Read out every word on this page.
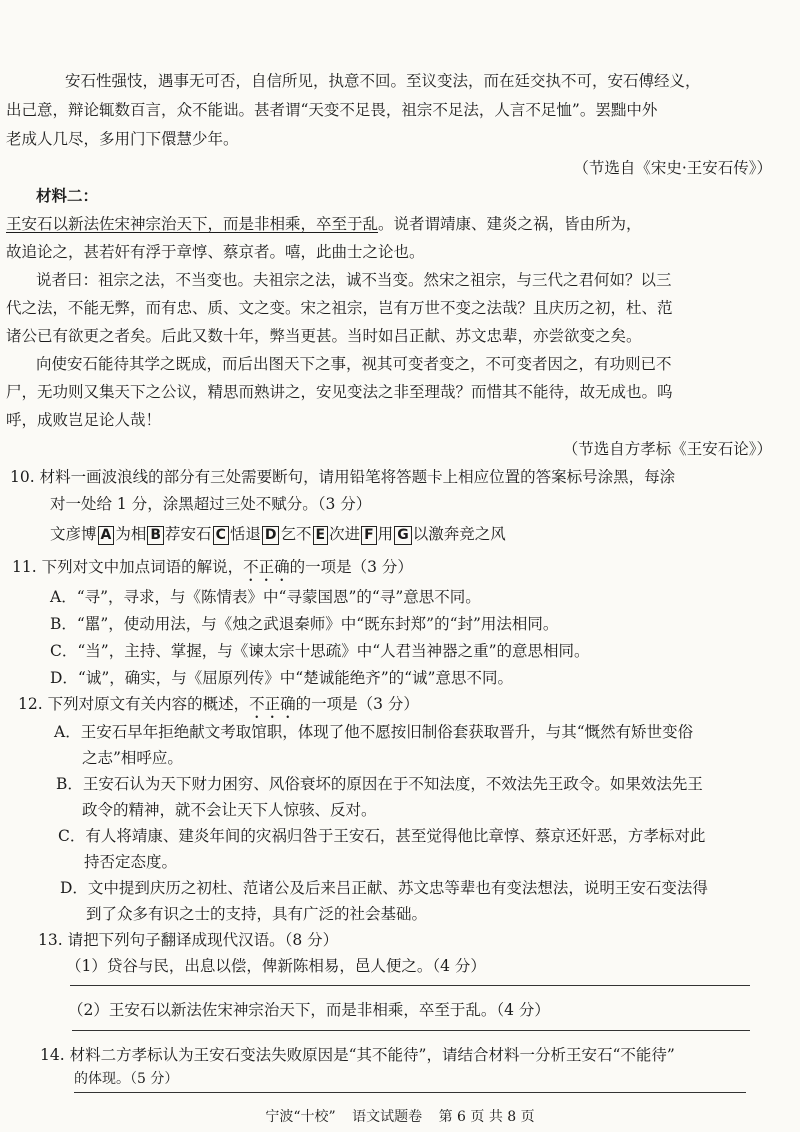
安石性强忮，遇事无可否，自信所见，执意不回。至议变法，而在廷交执不可，安石傅经义，
出己意，辩论辄数百言，众不能诎。甚者谓“天变不足畏，祖宗不足法，人言不足恤”。罢黜中外
老成人几尽，多用门下儇慧少年。
（节选自《宋史·王安石传》）
材料二：
王安石以新法佐宋神宗治天下，而是非相乘，卒至于乱。说者谓靖康、建炎之祸，皆由所为，
故追论之，甚若奸有浮于章惇、蔡京者。嘻，此曲士之论也。
说者曰：祖宗之法，不当变也。夫祖宗之法，诚不当变。然宋之祖宗，与三代之君何如？以三
代之法，不能无弊，而有忠、质、文之变。宋之祖宗，岂有万世不变之法哉？且庆历之初，杜、范
诸公已有欲更之者矣。后此又数十年，弊当更甚。当时如吕正献、苏文忠辈，亦尝欲变之矣。
向使安石能待其学之既成，而后出图天下之事，视其可变者变之，不可变者因之，有功则已不
尸，无功则又集天下之公议，精思而熟讲之，安见变法之非至理哉？而惜其不能待，故无成也。呜
呼，成败岂足论人哉！
（节选自方孝标《王安石论》）
10. 材料一画波浪线的部分有三处需要断句，请用铅笔将答题卡上相应位置的答案标号涂黑，每涂
对一处给 1 分，涂黑超过三处不赋分。（3 分）
文彦博 A 为相 B 荐安石 C 恬退 D 乞不 E 次进 F 用 G 以激奔竞之风
11. 下列对文中加点词语的解说，不正确的一项是（3 分）
A．“寻”，寻求，与《陈情表》中“寻蒙国恩”的“寻”意思不同。
B．“嚚”，使动用法，与《烛之武退秦师》中“既东封郑”的“封”用法相同。
C．“当”，主持、掌握，与《谏太宗十思疏》中“人君当神器之重”的意思相同。
D．“诚”，确实，与《屈原列传》中“楚诚能绝齐”的“诚”意思不同。
12. 下列对原文有关内容的概述，不正确的一项是（3 分）
A．王安石早年拒绝献文考取馆职，体现了他不愿按旧制俗套获取晋升，与其“慨然有矫世变俗
之志”相呼应。
B．王安石认为天下财力困穷、风俗衰坏的原因在于不知法度，不效法先王政令。如果效法先王
政令的精神，就不会让天下人惊骇、反对。
C．有人将靖康、建炎年间的灾祸归咎于王安石，甚至觉得他比章惇、蔡京还奸恶，方孝标对此
持否定态度。
D．文中提到庆历之初杜、范诸公及后来吕正献、苏文忠等辈也有变法想法，说明王安石变法得
到了众多有识之士的支持，具有广泛的社会基础。
13. 请把下列句子翻译成现代汉语。（8 分）
（1）贷谷与民，出息以偿，俾新陈相易，邑人便之。（4 分）
（2）王安石以新法佐宋神宗治天下，而是非相乘，卒至于乱。（4 分）
14. 材料二方孝标认为王安石变法失败原因是“其不能待”，请结合材料一分析王安石“不能待”
的体现。（5 分）
宁波“十校” 语文试题卷 第 6 页 共 8 页
